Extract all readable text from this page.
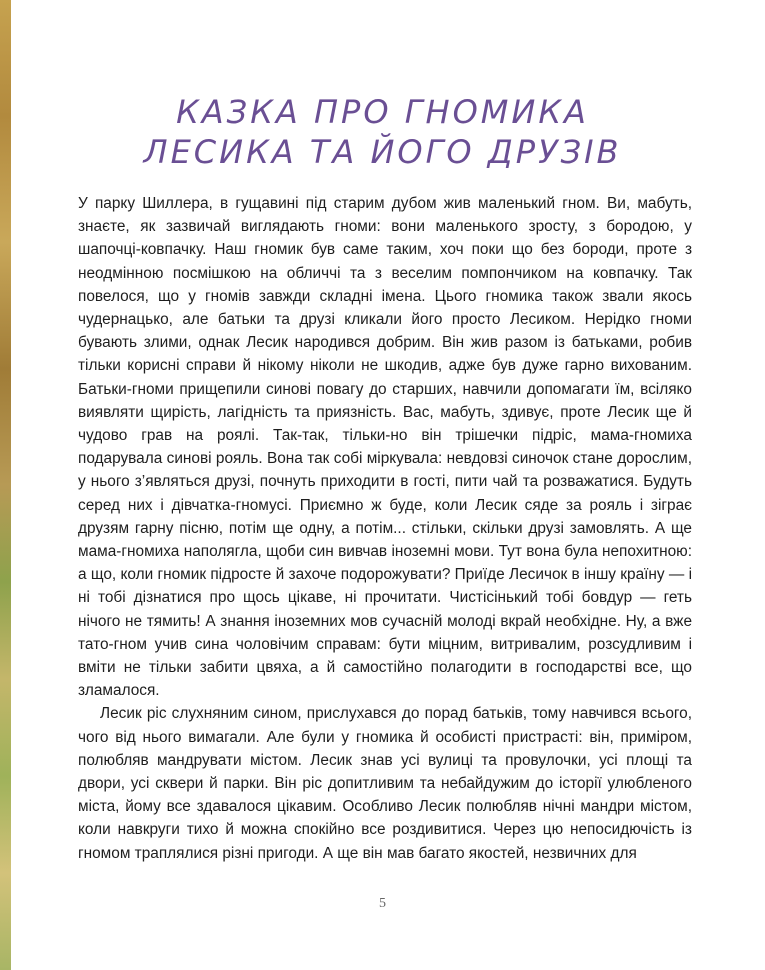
КАЗКА ПРО ГНОМИКА
ЛЕСИКА ТА ЙОГО ДРУЗІВ

У парку Шиллера, в гущавині під старим дубом жив маленький гном. Ви, мабуть, знаєте, як зазвичай виглядають гноми: вони маленького зросту, з бородою, у шапочці-ковпачку. Наш гномик був саме таким, хоч поки що без бороди, проте з неодмінною посмішкою на обличчі та з веселим помпончиком на ковпачку. Так повелося, що у гномів завжди складні імена. Цього гномика також звали якось чудернацько, але батьки та друзі кликали його просто Лесиком. Нерідко гноми бувають злими, однак Лесик народився добрим. Він жив разом із батьками, робив тільки корисні справи й нікому ніколи не шкодив, адже був дуже гарно вихованим. Батьки-гноми прищепили синові повагу до старших, навчили допомагати їм, всіляко виявляти щирість, лагідність та приязність. Вас, мабуть, здивує, проте Лесик ще й чудово грав на роялі. Так-так, тільки-но він трішечки підріс, мама-гномиха подарувала синові рояль. Вона так собі міркувала: невдовзі синочок стане дорослим, у нього з’являться друзі, почнуть приходити в гості, пити чай та розважатися. Будуть серед них і дівчатка-гномусі. Приємно ж буде, коли Лесик сяде за рояль і зіграє друзям гарну пісню, потім ще одну, а потім... стільки, скільки друзі замовлять. А ще мама-гномиха наполягла, щоби син вивчав іноземні мови. Тут вона була непохитною: а що, коли гномик підросте й захоче подорожувати? Приїде Лесичок в іншу країну — і ні тобі дізнатися про щось цікаве, ні прочитати. Чистісінький тобі бовдур — геть нічого не тямить! А знання іноземних мов сучасній молоді вкрай необхідне. Ну, а вже тато-гном учив сина чоловічим справам: бути міцним, витривалим, розсудливим і вміти не тільки забити цвяха, а й самостійно полагодити в господарстві все, що зламалося.

Лесик ріс слухняним сином, прислухався до порад батьків, тому навчився всього, чого від нього вимагали. Але були у гномика й особисті пристрасті: він, приміром, полюбляв мандрувати містом. Лесик знав усі вулиці та провулочки, усі площі та двори, усі сквери й парки. Він ріс допитливим та небайдужим до історії улюбленого міста, йому все здавалося цікавим. Особливо Лесик полюбляв нічні мандри містом, коли навкруги тихо й можна спокійно все роздивитися. Через цю непосидючість із гномом траплялися різні пригоди. А ще він мав багато якостей, незвичних для

5
